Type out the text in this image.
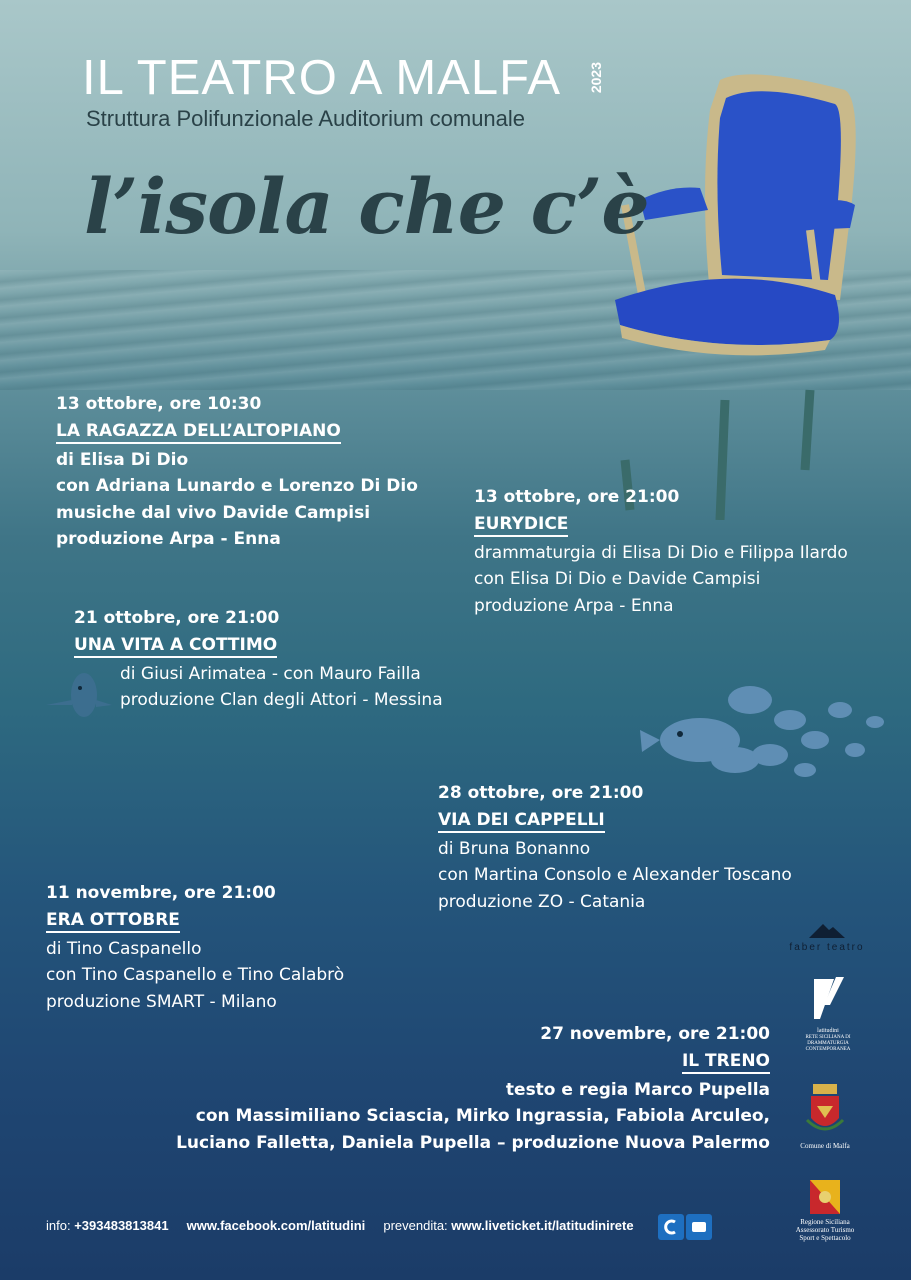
IL TEATRO A MALFA 2023
Struttura Polifunzionale Auditorium comunale
l’isola che c’è
13 ottobre, ore 10:30
LA RAGAZZA DELL’ALTOPIANO
di Elisa Di Dio
con Adriana Lunardo e Lorenzo Di Dio
musiche dal vivo Davide Campisi
produzione Arpa - Enna
13 ottobre, ore 21:00
EURYDICE
drammaturgia di Elisa Di Dio e Filippa Ilardo
con Elisa Di Dio e Davide Campisi
produzione Arpa - Enna
21 ottobre, ore 21:00
UNA VITA A COTTIMO
di Giusi Arimatea - con Mauro Failla
produzione Clan degli Attori - Messina
28 ottobre, ore 21:00
VIA DEI CAPPELLI
di Bruna Bonanno
con Martina Consolo e Alexander Toscano
produzione ZO - Catania
11 novembre, ore 21:00
ERA OTTOBRE
di Tino Caspanello
con Tino Caspanello e Tino Calabrò
produzione SMART - Milano
27 novembre, ore 21:00
IL TRENO
testo e regia Marco Pupella
con Massimiliano Sciascia, Mirko Ingrassia, Fabiola Arculeo,
Luciano Falletta, Daniela Pupella – produzione Nuova Palermo
faber teatro
latitudini
RETE SICILIANA DI DRAMMATURGIA CONTEMPORANEA
Comune di Malfa
Regione Siciliana Assessorato Turismo Sport e Spettacolo
info: +393483813841 www.facebook.com/latitudini prevendita: www.liveticket.it/latitudinirete
